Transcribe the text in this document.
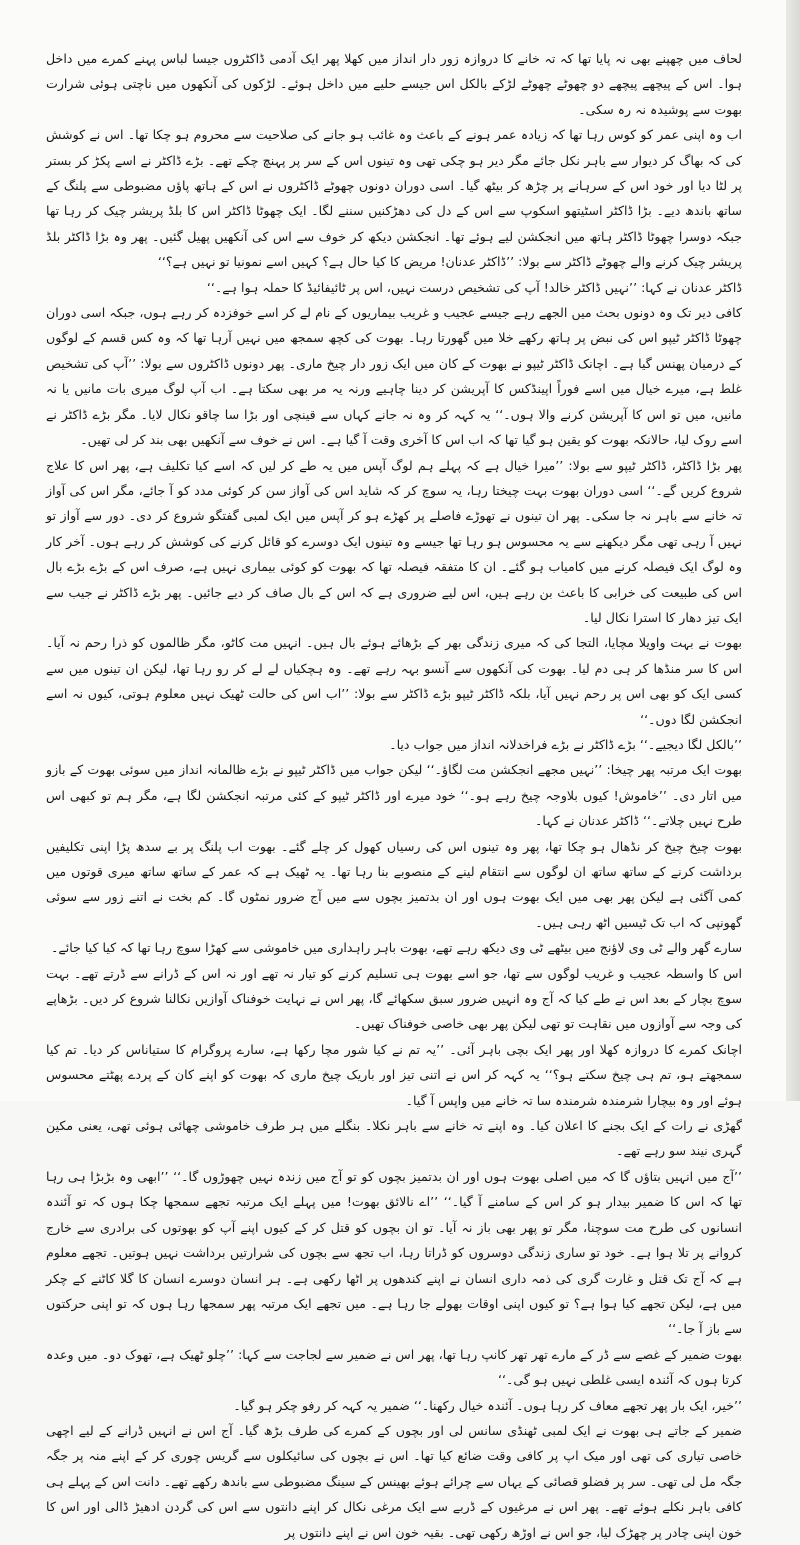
لحاف میں چھپنے بھی نہ پایا تھا کہ تہ خانے کا دروازہ زور دار انداز میں کھلا پھر ایک آدمی ڈاکٹروں جیسا لباس پہنے کمرے میں داخل ہوا۔ اس کے پیچھے پیچھے دو چھوٹے چھوٹے لڑکے بالکل اس جیسے حلیے میں داخل ہوئے۔ لڑکوں کی آنکھوں میں ناچتی ہوئی شرارت بھوت سے پوشیدہ نہ رہ سکی۔

اب وہ اپنی عمر کو کوس رہا تھا کہ زیادہ عمر ہونے کے باعث وہ غائب ہو جانے کی صلاحیت سے محروم ہو چکا تھا۔ اس نے کوشش کی کہ بھاگ کر دیوار سے باہر نکل جائے مگر دیر ہو چکی تھی وہ تینوں اس کے سر پر پہنچ چکے تھے۔ بڑے ڈاکٹر نے اسے پکڑ کر بستر پر لٹا دیا اور خود اس کے سرہانے پر چڑھ کر بیٹھ گیا۔ اسی دوران دونوں چھوٹے ڈاکٹروں نے اس کے ہاتھ پاؤں مضبوطی سے پلنگ کے ساتھ باندھ دیے۔ بڑا ڈاکٹر اسٹیتھو اسکوپ سے اس کے دل کی دھڑکنیں سننے لگا۔ ایک چھوٹا ڈاکٹر اس کا بلڈ پریشر چیک کر رہا تھا جبکہ دوسرا چھوٹا ڈاکٹر ہاتھ میں انجکشن لیے ہوئے تھا۔ انجکشن دیکھ کر خوف سے اس کی آنکھیں پھیل گئیں۔ پھر وہ بڑا ڈاکٹر بلڈ پریشر چیک کرنے والے چھوٹے ڈاکٹر سے بولا: ’’ڈاکٹر عدنان! مریض کا کیا حال ہے؟ کہیں اسے نمونیا تو نہیں ہے؟‘‘

ڈاکٹر عدنان نے کہا: ’’نہیں ڈاکٹر خالد! آپ کی تشخیص درست نہیں، اس پر ٹائیفائیڈ کا حملہ ہوا ہے۔‘‘

کافی دیر تک وہ دونوں بحث میں الجھے رہے جیسے عجیب و غریب بیماریوں کے نام لے کر اسے خوفزدہ کر رہے ہوں، جبکہ اسی دوران چھوٹا ڈاکٹر ٹیپو اس کی نبض پر ہاتھ رکھے خلا میں گھورتا رہا۔ بھوت کی کچھ سمجھ میں نہیں آرہا تھا کہ وہ کس قسم کے لوگوں کے درمیان پھنس گیا ہے۔ اچانک ڈاکٹر ٹیپو نے بھوت کے کان میں ایک زور دار چیخ ماری۔ پھر دونوں ڈاکٹروں سے بولا: ’’آپ کی تشخیص غلط ہے، میرے خیال میں اسے فوراً اپینڈکس کا آپریشن کر دینا چاہیے ورنہ یہ مر بھی سکتا ہے۔ اب آپ لوگ میری بات مانیں یا نہ مانیں، میں تو اس کا آپریشن کرنے والا ہوں۔‘‘ یہ کہہ کر وہ نہ جانے کہاں سے قینچی اور بڑا سا چاقو نکال لایا۔ مگر بڑے ڈاکٹر نے اسے روک لیا، حالانکہ بھوت کو یقین ہو گیا تھا کہ اب اس کا آخری وقت آ گیا ہے۔ اس نے خوف سے آنکھیں بھی بند کر لی تھیں۔

پھر بڑا ڈاکٹر، ڈاکٹر ٹیپو سے بولا: ’’میرا خیال ہے کہ پہلے ہم لوگ آپس میں یہ طے کر لیں کہ اسے کیا تکلیف ہے، پھر اس کا علاج شروع کریں گے۔‘‘ اسی دوران بھوت بہت چیختا رہا، یہ سوچ کر کہ شاید اس کی آواز سن کر کوئی مدد کو آ جائے، مگر اس کی آواز تہ خانے سے باہر نہ جا سکی۔ پھر ان تینوں نے تھوڑے فاصلے پر کھڑے ہو کر آپس میں ایک لمبی گفتگو شروع کر دی۔ دور سے آواز تو نہیں آ رہی تھی مگر دیکھنے سے یہ محسوس ہو رہا تھا جیسے وہ تینوں ایک دوسرے کو قائل کرنے کی کوشش کر رہے ہوں۔ آخر کار وہ لوگ ایک فیصلہ کرنے میں کامیاب ہو گئے۔ ان کا متفقہ فیصلہ تھا کہ بھوت کو کوئی بیماری نہیں ہے، صرف اس کے بڑے بڑے بال اس کی طبیعت کی خرابی کا باعث بن رہے ہیں، اس لیے ضروری ہے کہ اس کے بال صاف کر دیے جائیں۔ پھر بڑے ڈاکٹر نے جیب سے ایک تیز دھار کا استرا نکال لیا۔

بھوت نے بہت واویلا مچایا، التجا کی کہ میری زندگی بھر کے بڑھائے ہوئے بال ہیں۔ انہیں مت کاٹو، مگر ظالموں کو ذرا رحم نہ آیا۔ اس کا سر منڈھا کر ہی دم لیا۔ بھوت کی آنکھوں سے آنسو بہہ رہے تھے۔ وہ ہچکیاں لے لے کر رو رہا تھا، لیکن ان تینوں میں سے کسی ایک کو بھی اس پر رحم نہیں آیا، بلکہ ڈاکٹر ٹیپو بڑے ڈاکٹر سے بولا: ’’اب اس کی حالت ٹھیک نہیں معلوم ہوتی، کیوں نہ اسے انجکشن لگا دوں۔‘‘

’’بالکل لگا دیجیے۔‘‘ بڑے ڈاکٹر نے بڑے فراخدلانہ انداز میں جواب دیا۔

بھوت ایک مرتبہ پھر چیخا: ’’نہیں مجھے انجکشن مت لگاؤ۔‘‘ لیکن جواب میں ڈاکٹر ٹیپو نے بڑے ظالمانہ انداز میں سوئی بھوت کے بازو میں اتار دی۔ ’’خاموش! کیوں بلاوجہ چیخ رہے ہو۔‘‘ خود میرے اور ڈاکٹر ٹیپو کے کئی مرتبہ انجکشن لگا ہے، مگر ہم تو کبھی اس طرح نہیں چلاتے۔‘‘ ڈاکٹر عدنان نے کہا۔

بھوت چیخ چیخ کر نڈھال ہو چکا تھا، پھر وہ تینوں اس کی رسیاں کھول کر چلے گئے۔ بھوت اب پلنگ پر بے سدھ پڑا اپنی تکلیفیں برداشت کرنے کے ساتھ ساتھ ان لوگوں سے انتقام لینے کے منصوبے بنا رہا تھا۔ یہ ٹھیک ہے کہ عمر کے ساتھ ساتھ میری قوتوں میں کمی آگئی ہے لیکن پھر بھی میں ایک بھوت ہوں اور ان بدتمیز بچوں سے میں آج ضرور نمٹوں گا۔ کم بخت نے اتنے زور سے سوئی گھونپی کہ اب تک ٹیسیں اٹھ رہی ہیں۔

سارے گھر والے ٹی وی لاؤنج میں بیٹھے ٹی وی دیکھ رہے تھے، بھوت باہر راہداری میں خاموشی سے کھڑا سوچ رہا تھا کہ کیا کیا جائے۔

اس کا واسطہ عجیب و غریب لوگوں سے تھا، جو اسے بھوت ہی تسلیم کرنے کو تیار نہ تھے اور نہ اس کے ڈرانے سے ڈرتے تھے۔ بہت سوچ بچار کے بعد اس نے طے کیا کہ آج وہ انہیں ضرور سبق سکھائے گا، پھر اس نے نہایت خوفناک آوازیں نکالنا شروع کر دیں۔ بڑھاپے کی وجہ سے آوازوں میں نقاہت تو تھی لیکن پھر بھی خاصی خوفناک تھیں۔

اچانک کمرے کا دروازہ کھلا اور پھر ایک بچی باہر آئی۔ ’’یہ تم نے کیا شور مچا رکھا ہے، سارے پروگرام کا ستیاناس کر دیا۔ تم کیا سمجھتے ہو، تم ہی چیخ سکتے ہو؟‘‘ یہ کہہ کر اس نے اتنی تیز اور باریک چیخ ماری کہ بھوت کو اپنے کان کے پردے پھٹتے محسوس ہوئے اور وہ بیچارا شرمندہ شرمندہ سا تہ خانے میں واپس آ گیا۔

گھڑی نے رات کے ایک بجنے کا اعلان کیا۔ وہ اپنے تہ خانے سے باہر نکلا۔ بنگلے میں ہر طرف خاموشی چھائی ہوئی تھی، یعنی مکین گہری نیند سو رہے تھے۔

’’آج میں انہیں بتاؤں گا کہ میں اصلی بھوت ہوں اور ان بدتمیز بچوں کو تو آج میں زندہ نہیں چھوڑوں گا۔‘‘ ’’ابھی وہ بڑبڑا ہی رہا تھا کہ اس کا ضمیر بیدار ہو کر اس کے سامنے آ گیا۔‘‘ ’’اے نالائق بھوت! میں پہلے ایک مرتبہ تجھے سمجھا چکا ہوں کہ تو آئندہ انسانوں کی طرح مت سوچنا، مگر تو پھر بھی باز نہ آیا۔ تو ان بچوں کو قتل کر کے کیوں اپنے آپ کو بھوتوں کی برادری سے خارج کروانے پر تلا ہوا ہے۔ خود تو ساری زندگی دوسروں کو ڈراتا رہا، اب تجھ سے بچوں کی شرارتیں برداشت نہیں ہوتیں۔ تجھے معلوم ہے کہ آج تک قتل و غارت گری کی ذمہ داری انسان نے اپنے کندھوں پر اٹھا رکھی ہے۔ ہر انسان دوسرے انسان کا گلا کاٹنے کے چکر میں ہے، لیکن تجھے کیا ہوا ہے؟ تو کیوں اپنی اوقات بھولے جا رہا ہے۔ میں تجھے ایک مرتبہ پھر سمجھا رہا ہوں کہ تو اپنی حرکتوں سے باز آ جا۔‘‘

بھوت ضمیر کے غصے سے ڈر کے مارے تھر تھر کانپ رہا تھا، پھر اس نے ضمیر سے لجاجت سے کہا: ’’چلو ٹھیک ہے، تھوک دو۔ میں وعدہ کرتا ہوں کہ آئندہ ایسی غلطی نہیں ہو گی۔‘‘

’’خیر، ایک بار پھر تجھے معاف کر رہا ہوں۔ آئندہ خیال رکھنا۔‘‘ ضمیر یہ کہہ کر رفو چکر ہو گیا۔

ضمیر کے جاتے ہی بھوت نے ایک لمبی ٹھنڈی سانس لی اور بچوں کے کمرے کی طرف بڑھ گیا۔ آج اس نے انہیں ڈرانے کے لیے اچھی خاصی تیاری کی تھی اور میک اپ پر کافی وقت ضائع کیا تھا۔ اس نے بچوں کی سائیکلوں سے گریس چوری کر کے اپنے منہ پر جگہ جگہ مل لی تھی۔ سر پر فضلو قصائی کے یہاں سے چرائے ہوئے بھینس کے سینگ مضبوطی سے باندھ رکھے تھے۔ دانت اس کے پہلے ہی کافی باہر نکلے ہوئے تھے۔ پھر اس نے مرغیوں کے ڈربے سے ایک مرغی نکال کر اپنے دانتوں سے اس کی گردن ادھیڑ ڈالی اور اس کا خون اپنی چادر پر چھڑک لیا، جو اس نے اوڑھ رکھی تھی۔ بقیہ خون اس نے اپنے دانتوں پر
